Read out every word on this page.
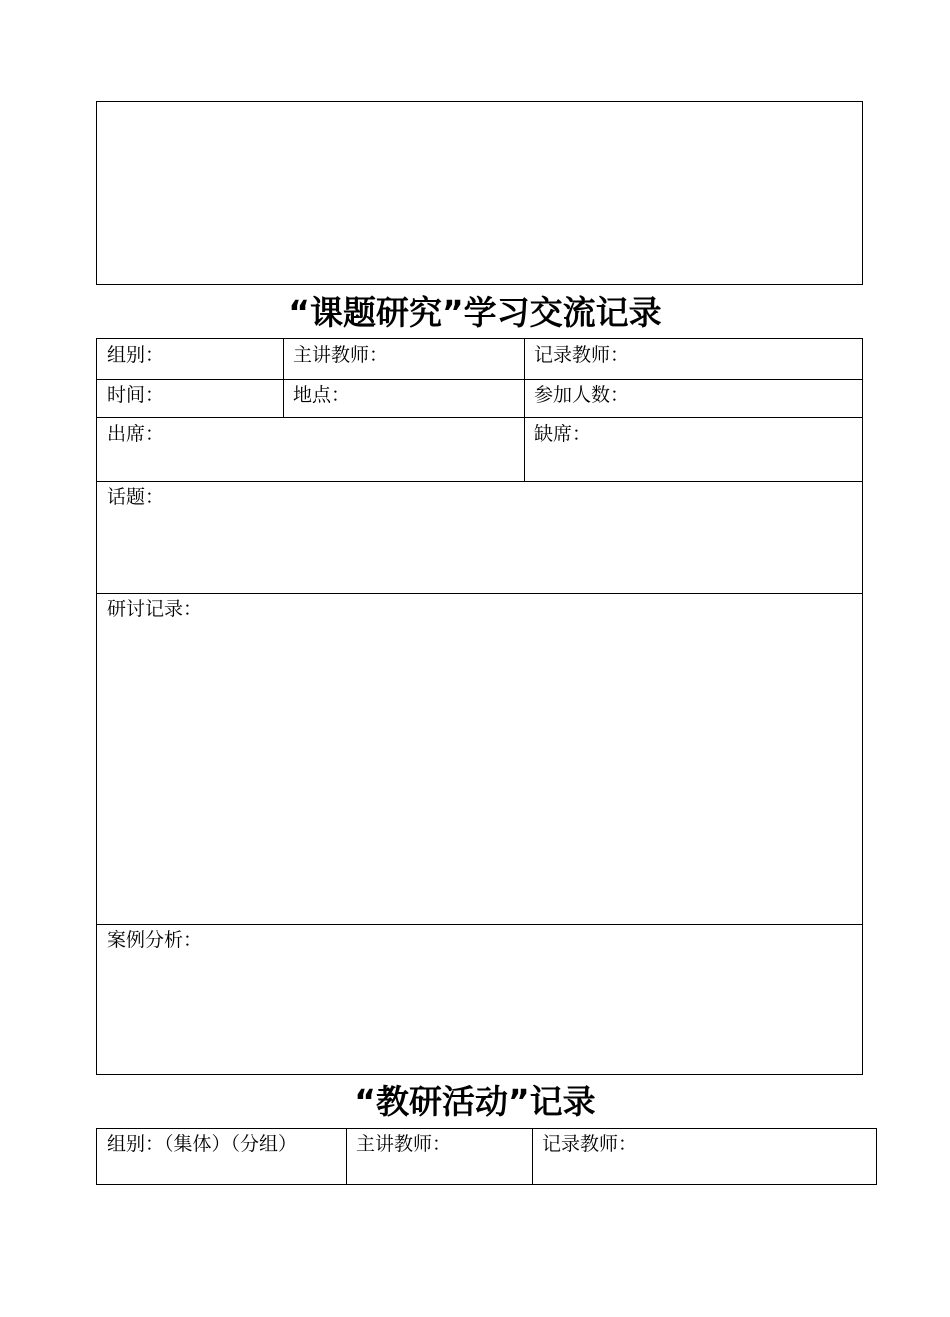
“课题研究”学习交流记录
组别：	主讲教师：	记录教师：
时间：	地点：	参加人数：
出席：	缺席：
话题：
研讨记录：
案例分析：
“教研活动”记录
组别：（集体）（分组）	主讲教师：	记录教师：
